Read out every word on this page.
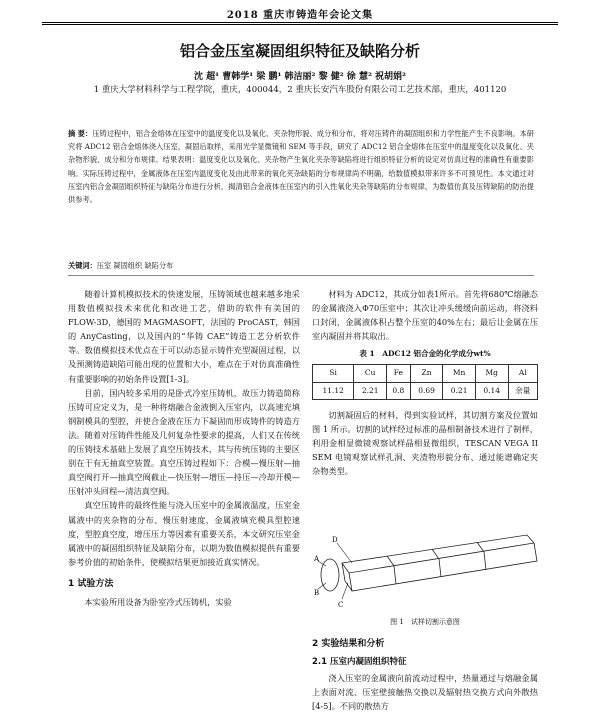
2018 重庆市铸造年会论文集
铝合金压室凝固组织特征及缺陷分析
沈 超¹ 曹韩学¹ 梁 鹏¹ 韩洁丽² 黎 健² 徐 慧² 祝胡娟²
1 重庆大学材料科学与工程学院，重庆，400044，2 重庆长安汽车股份有限公司工艺技术部，重庆，401120
摘 要：压铸过程中，铝合金熔体在压室中的温度变化以及氧化、夹杂物形貌、成分和分布，将对压铸件的凝固组织和力学性能产生不良影响。本研究将 ADC12 铝合金熔体浇入压室，凝固后取样，采用光学显微镜和 SEM 等手段，研究了 ADC12 铝合金熔体在压室中的温度变化以及氧化、夹杂物形貌、成分和分布规律。结果表明：温度变化以及氧化、夹杂物产生氧化夹杂等缺陷将进行组织特征分析的设定对仿真过程的准确性有重要影响。实际压铸过程中，金属液体在压室内温度变化及由此带来的氧化夹杂缺陷的分布规律尚不明确，给数值模拟带来许多不可预见性。本文通过对压室内铝合金凝固组织特征与缺陷分布进行分析，揭清铝合金液体在压室内的引入性氧化夹杂等缺陷的分布规律，为数值仿真及压铸缺陷的防治提供参考。
关键词：压室 凝固组织 缺陷分布

随着计算机模拟技术的快速发展，压铸领域也越来越多地采用数值模拟技术来优化和改进工艺，借助的软件有美国的 FLOW-3D，德国的 MAGMASOFT，法国的 ProCAST，韩国的 AnyCasting，以及国内的“华铸 CAE”铸造工艺分析软件等。数值模拟技术优点在于可以动态显示铸件充型凝固过程，以及预测铸造缺陷可能出现的位置和大小，难点在于对仿真准确性有重要影响的初始条件设置[1-3]。

目前，国内较多采用的是卧式冷室压铸机，故压力铸造简称压铸可应定义为，是一种将熔融合金液倒入压室内，以高速充填钢制模具的型腔，并使合金液在压力下凝固而形成铸件的铸造方法。随着对压铸件性能及几何复杂性要求的提高，人们又在传统的压铸技术基础上发展了真空压铸技术，其与传统压铸的主要区别在于有无抽真空装置。真空压铸过程如下：合模—慢压射—抽真空阀打开—抽真空阀截止—快压射—增压—持压—冷却开模—压射冲头回程—清洁真空阀。

真空压铸件的最终性能与浇入压室中的金属液温度，压室金属液中的夹杂物的分布、慢压射速度，金属液填充模具型腔速度，型腔真空度，增压压力等因素有重要关系，本文研究压室金属液中的凝固组织特征及缺陷分布，以期为数值模拟提供有重要参考价值的初始条件，使模拟结果更加接近真实情况。

1 试验方法

本实验所用设备为卧室冷式压铸机，实验

材料为 ADC12，其成分如表1所示。首先将680℃熔融态的金属液浇入Φ70压室中；其次让冲头缓缓向前运动，将浇料口封闭，金属液体积占整个压室的40%左右；最后让金属在压室内凝固并将其取出。

表 1　ADC12 铝合金的化学成分wt%
Si	Cu	Fe	Zn	Mn	Mg	Al
11.12	2.21	0.8	0.69	0.21	0.14	余量

切割凝固后的材料，得到实验试样，其切割方案及位置如图 1 所示。切割的试样经过标准的晶相制备技术进行了制样，利用金相显微镜观察试样晶相显微组织，TESCAN VEGA II SEM 电镜观察试样孔洞、夹渣物形貌分布、通过能谱确定夹杂物类型。

A
B
C
D
图 1　试样切割示意图
2 实验结果和分析
2.1 压室内凝固组织特征

浇入压室的金属液向前流动过程中，热量通过与熔融金属上表面对流、压室壁接触热交换以及辐射热交换方式向外散热[4-5]。不同的散热方
